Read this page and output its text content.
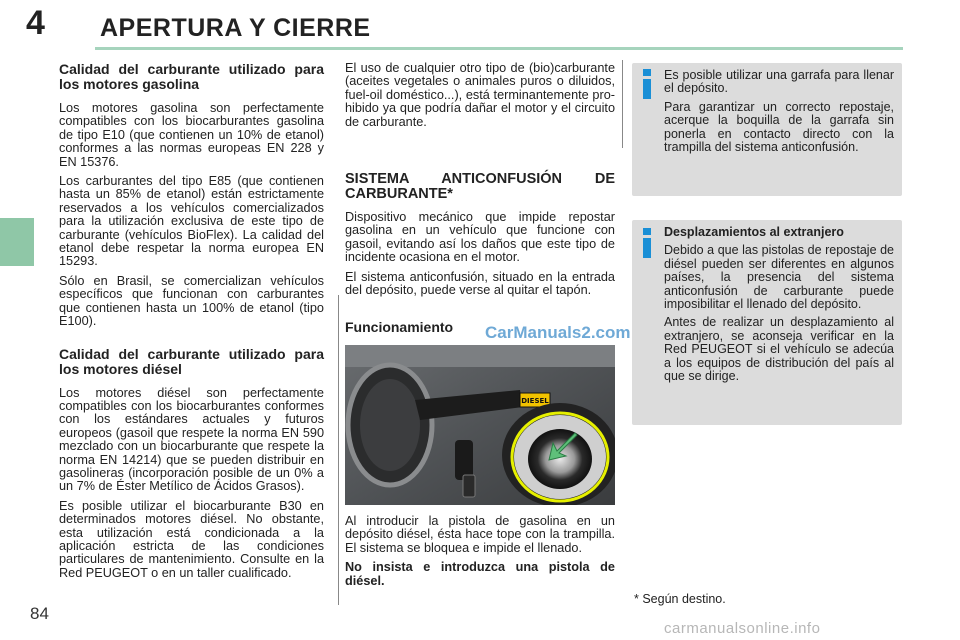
4 APERTURA Y CIERRE
Calidad del carburante utilizado para los motores gasolina

Los motores gasolina son perfectamente compatibles con los biocarburantes gasolina de tipo E10 (que contienen un 10% de etanol) conformes a las normas europeas EN 228 y EN 15376.

Los carburantes del tipo E85 (que contienen hasta un 85% de etanol) están estrictamente reservados a los vehículos comercializados para la utilización exclusiva de este tipo de carburante (vehículos BioFlex). La calidad del etanol debe respetar la norma europea EN 15293.

Sólo en Brasil, se comercializan vehículos específicos que funcionan con carburantes que contienen hasta un 100% de etanol (tipo E100).

Calidad del carburante utilizado para los motores diésel

Los motores diésel son perfectamente compatibles con los biocarburantes conformes con los estándares actuales y futuros europeos (gasoil que respete la norma EN 590 mezclado con un biocarburante que respete la norma EN 14214) que se pueden distribuir en gasolineras (incorporación posible de un 0% a un 7% de Éster Metílico de Ácidos Grasos).

Es posible utilizar el biocarburante B30 en determinados motores diésel. No obstante, esta utilización está condicionada a la aplicación estricta de las condiciones particulares de mantenimiento. Consulte en la Red PEUGEOT o en un taller cualificado.

El uso de cualquier otro tipo de (bio)carburante (aceites vegetales o animales puros o diluidos, fuel-oil doméstico...), está terminantemente prohibido ya que podría dañar el motor y el circuito de carburante.

SISTEMA ANTICONFUSIÓN DE CARBURANTE*

Dispositivo mecánico que impide repostar gasolina en un vehículo que funcione con gasoil, evitando así los daños que este tipo de incidente ocasiona en el motor.

El sistema anticonfusión, situado en la entrada del depósito, puede verse al quitar el tapón.

Funcionamiento CarManuals2.com
DIESEL

Al introducir la pistola de gasolina en un depósito diésel, ésta hace tope con la trampilla. El sistema se bloquea e impide el llenado.

No insista e introduzca una pistola de diésel.

Es posible utilizar una garrafa para llenar el depósito.

Para garantizar un correcto repostaje, acerque la boquilla de la garrafa sin ponerla en contacto directo con la trampilla del sistema anticonfusión.

Desplazamientos al extranjero

Debido a que las pistolas de repostaje de diésel pueden ser diferentes en algunos países, la presencia del sistema anticonfusión de carburante puede imposibilitar el llenado del depósito.

Antes de realizar un desplazamiento al extranjero, se aconseja verificar en la Red PEUGEOT si el vehículo se adecúa a los equipos de distribución del país al que se dirige.

* Según destino.
84
carmanualsonline.info
